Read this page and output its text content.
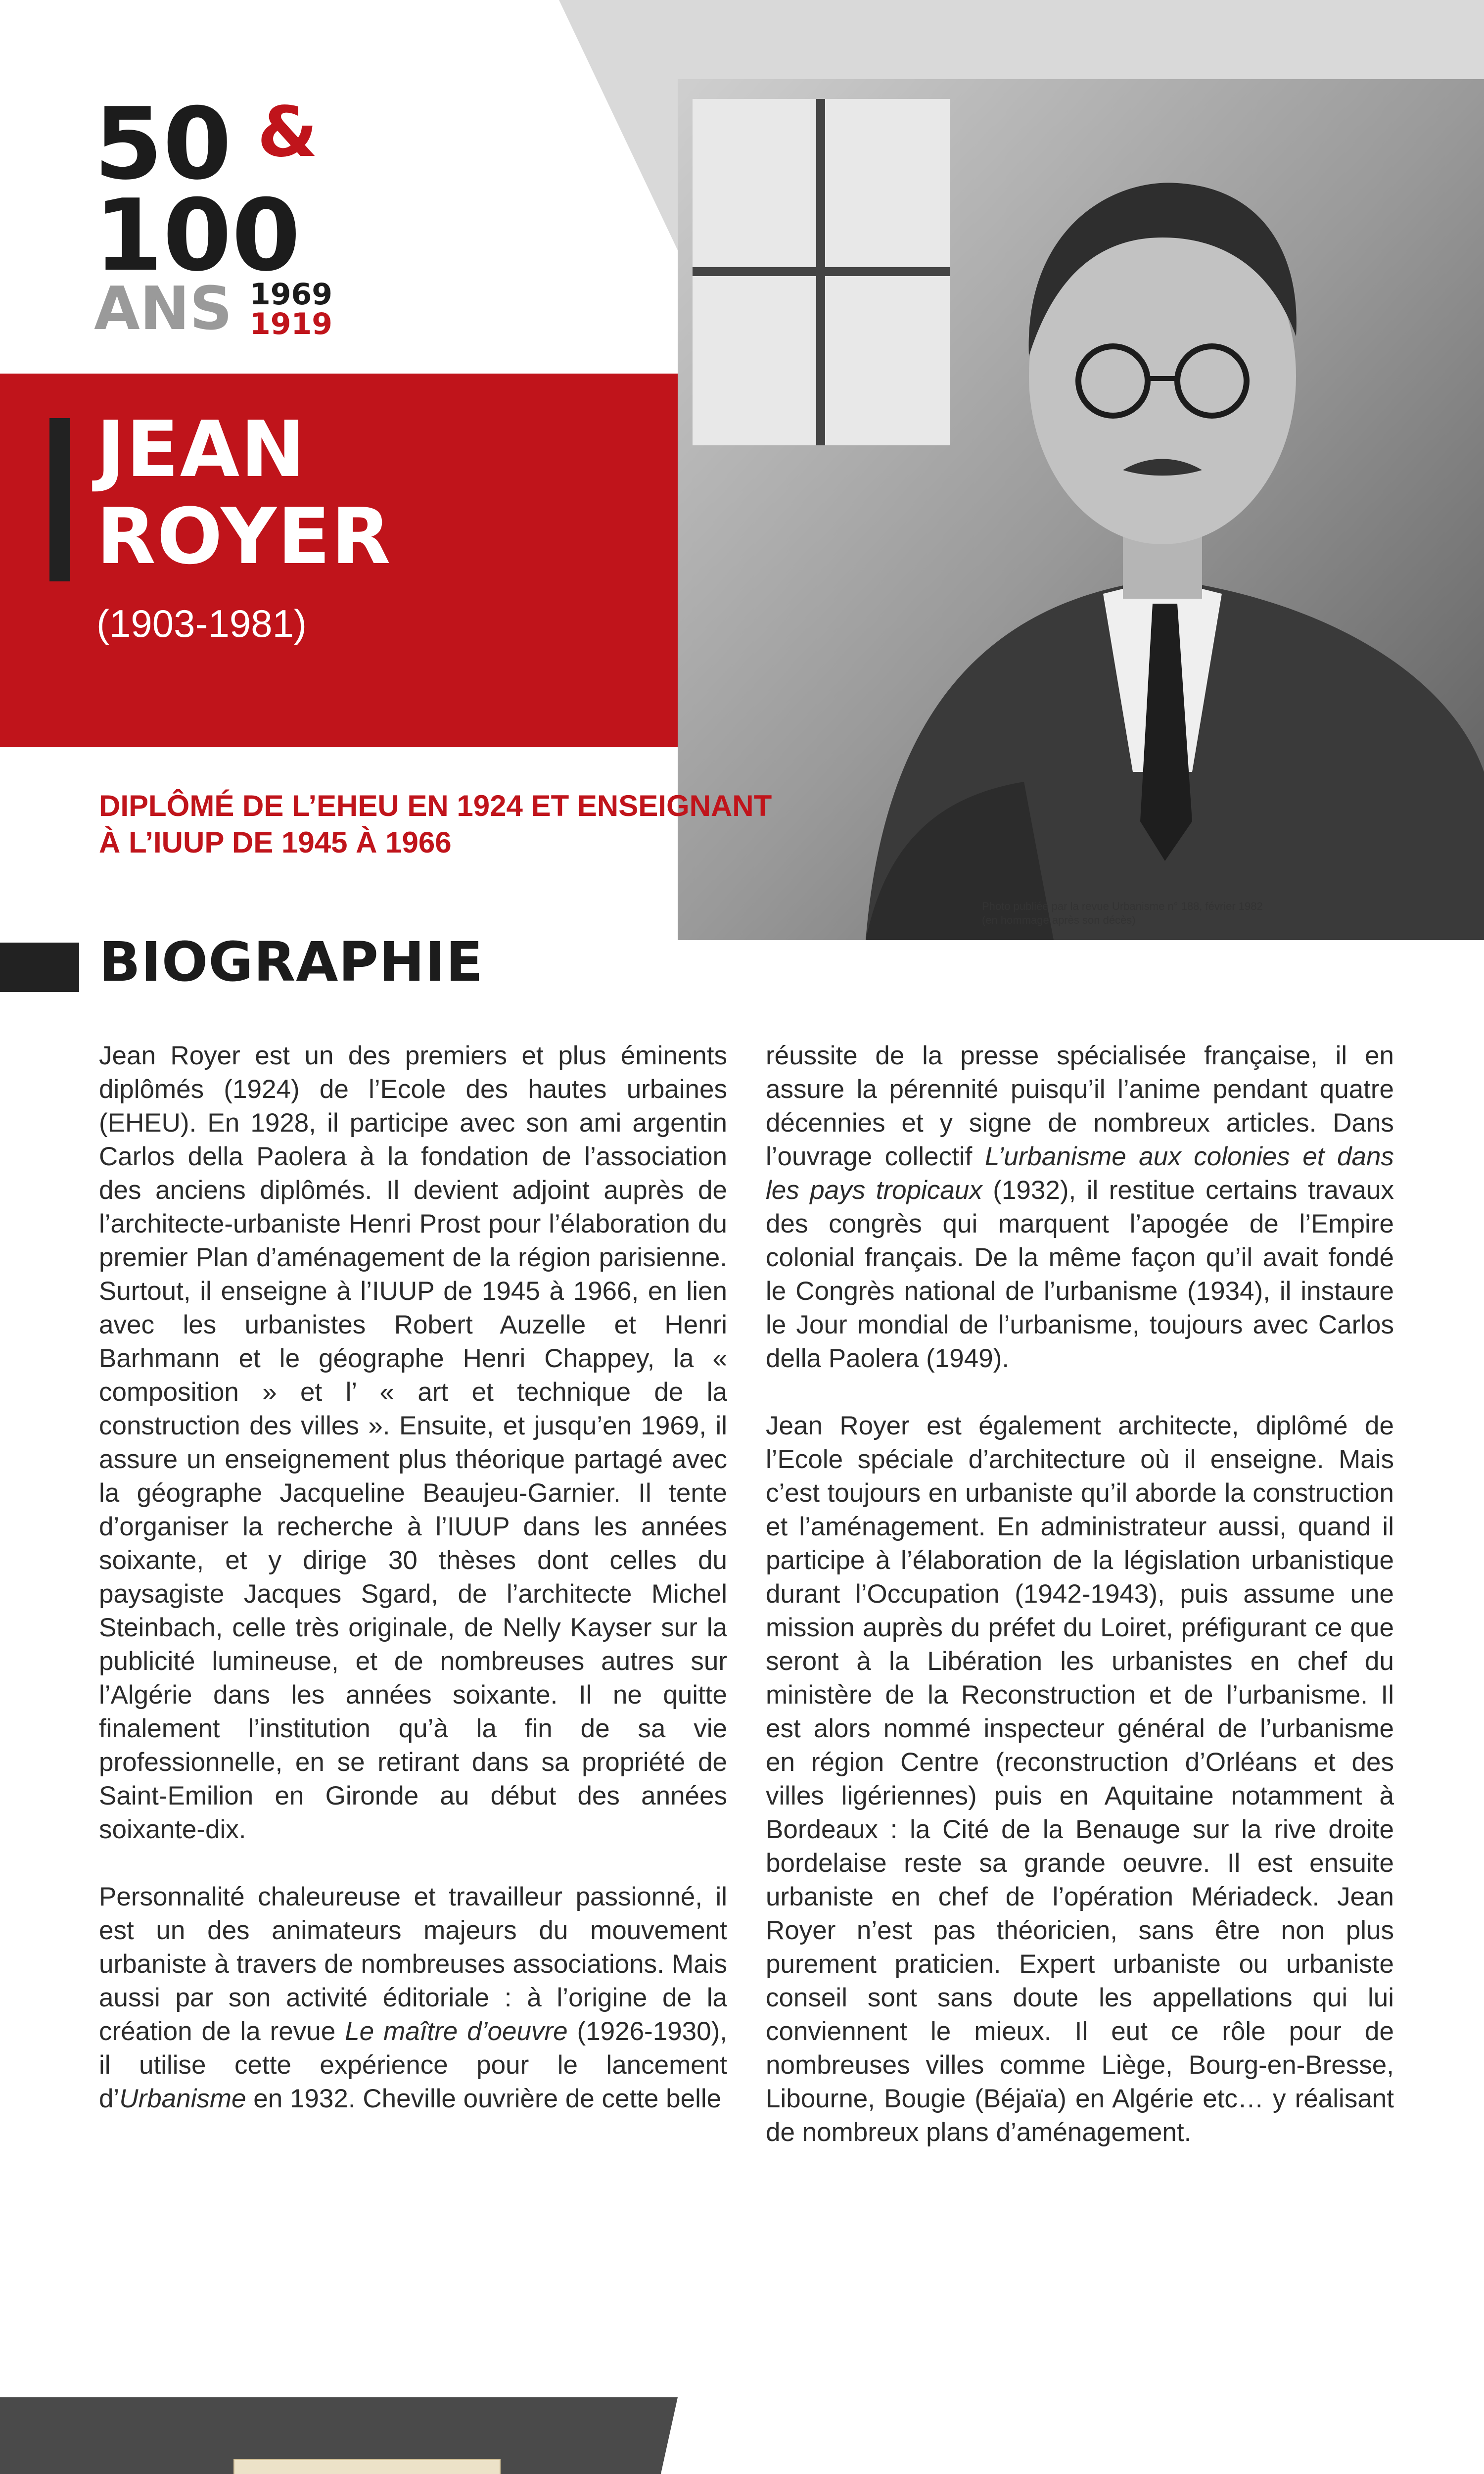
50 &
100
ANS 1969
1919
JEAN
ROYER
(1903-1981)
DIPLÔMÉ DE L’EHEU EN 1924 ET ENSEIGNANT
À L’IUUP DE 1945 À 1966
Photo publiée par la revue Urbanisme n° 188, février 1982
(en hommage après son décès)
BIOGRAPHIE

Jean Royer est un des premiers et plus éminents diplômés (1924) de l’Ecole des hautes urbaines (EHEU). En 1928, il participe avec son ami argentin Carlos della Paolera à la fondation de l’association des anciens diplômés. Il devient adjoint auprès de l’architecte-urbaniste Henri Prost pour l’élaboration du premier Plan d’aménagement de la région parisienne. Surtout, il enseigne à l’IUUP de 1945 à 1966, en lien avec les urbanistes Robert Auzelle et Henri Barhmann et le géographe Henri Chappey, la « composition » et l’ « art et technique de la construction des villes ». Ensuite, et jusqu’en 1969, il assure un enseignement plus théorique partagé avec la géographe Jacqueline Beaujeu-Garnier. Il tente d’organiser la recherche à l’IUUP dans les années soixante, et y dirige 30 thèses dont celles du paysagiste Jacques Sgard, de l’architecte Michel Steinbach, celle très originale, de Nelly Kayser sur la publicité lumineuse, et de nombreuses autres sur l’Algérie dans les années soixante. Il ne quitte finalement l’institution qu’à la fin de sa vie professionnelle, en se retirant dans sa propriété de Saint-Emilion en Gironde au début des années soixante-dix.

Personnalité chaleureuse et travailleur passionné, il est un des animateurs majeurs du mouvement urbaniste à travers de nombreuses associations. Mais aussi par son activité éditoriale : à l’origine de la création de la revue Le maître d’oeuvre (1926-1930), il utilise cette expérience pour le lancement d’Urbanisme en 1932. Cheville ouvrière de cette belle

réussite de la presse spécialisée française, il en assure la pérennité puisqu’il l’anime pendant quatre décennies et y signe de nombreux articles. Dans l’ouvrage collectif L’urbanisme aux colonies et dans les pays tropicaux (1932), il restitue certains travaux des congrès qui marquent l’apogée de l’Empire colonial français. De la même façon qu’il avait fondé le Congrès national de l’urbanisme (1934), il instaure le Jour mondial de l’urbanisme, toujours avec Carlos della Paolera (1949).

Jean Royer est également architecte, diplômé de l’Ecole spéciale d’architecture où il enseigne. Mais c’est toujours en urbaniste qu’il aborde la construction et l’aménagement. En administrateur aussi, quand il participe à l’élaboration de la législation urbanistique durant l’Occupation (1942-1943), puis assume une mission auprès du préfet du Loiret, préfigurant ce que seront à la Libération les urbanistes en chef du ministère de la Reconstruction et de l’urbanisme. Il est alors nommé inspecteur général de l’urbanisme en région Centre (reconstruction d’Orléans et des villes ligériennes) puis en Aquitaine notamment à Bordeaux : la Cité de la Benauge sur la rive droite bordelaise reste sa grande oeuvre. Il est ensuite urbaniste en chef de l’opération Mériadeck. Jean Royer n’est pas théoricien, sans être non plus purement praticien. Expert urbaniste ou urbaniste conseil sont sans doute les appellations qui lui conviennent le mieux. Il eut ce rôle pour de nombreuses villes comme Liège, Bourg-en-Bresse, Libourne, Bougie (Béjaïa) en Algérie etc… y réalisant de nombreux plans d’aménagement.
